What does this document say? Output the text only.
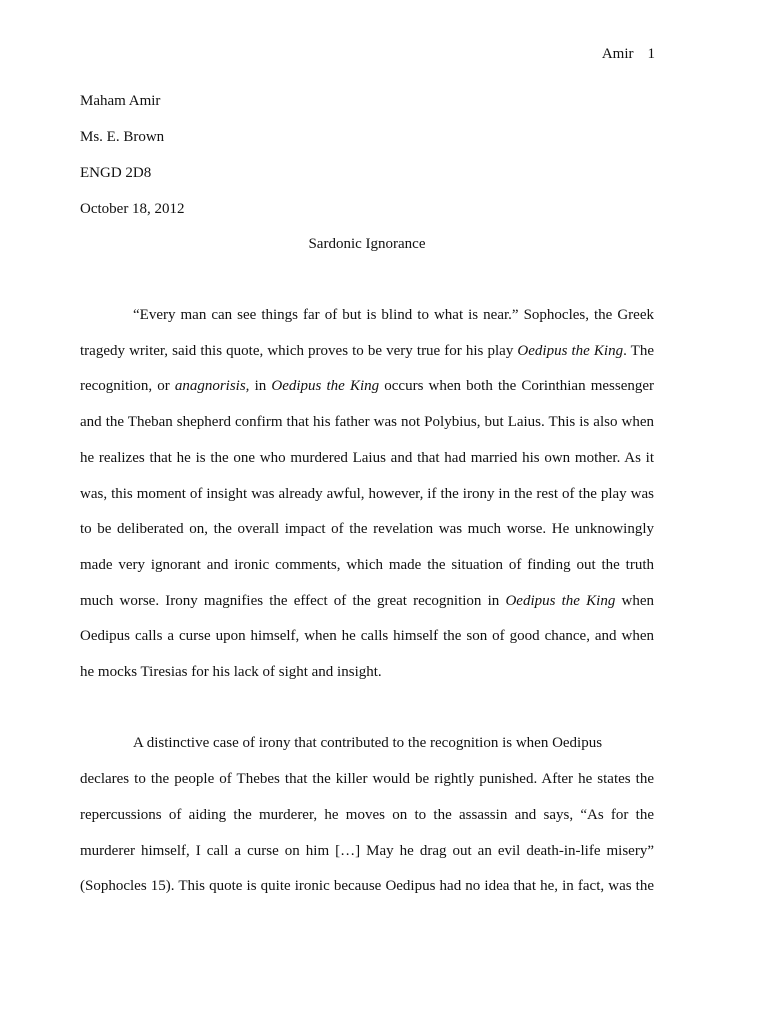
Amir 1
Maham Amir
Ms. E. Brown
ENGD 2D8
October 18, 2012
Sardonic Ignorance
“Every man can see things far of but is blind to what is near.” Sophocles, the Greek
tragedy writer, said this quote, which proves to be very true for his play Oedipus the King. The
recognition, or anagnorisis, in Oedipus the King occurs when both the Corinthian messenger
and the Theban shepherd confirm that his father was not Polybius, but Laius. This is also when
he realizes that he is the one who murdered Laius and that had married his own mother. As it
was, this moment of insight was already awful, however, if the irony in the rest of the play was
to be deliberated on, the overall impact of the revelation was much worse. He unknowingly
made very ignorant and ironic comments, which made the situation of finding out the truth
much worse. Irony magnifies the effect of the great recognition in Oedipus the King when
Oedipus calls a curse upon himself, when he calls himself the son of good chance, and when
he mocks Tiresias for his lack of sight and insight.
A distinctive case of irony that contributed to the recognition is when Oedipus
declares to the people of Thebes that the killer would be rightly punished. After he states the
repercussions of aiding the murderer, he moves on to the assassin and says, “As for the
murderer himself, I call a curse on him […] May he drag out an evil death-in-life misery”
(Sophocles 15). This quote is quite ironic because Oedipus had no idea that he, in fact, was the
